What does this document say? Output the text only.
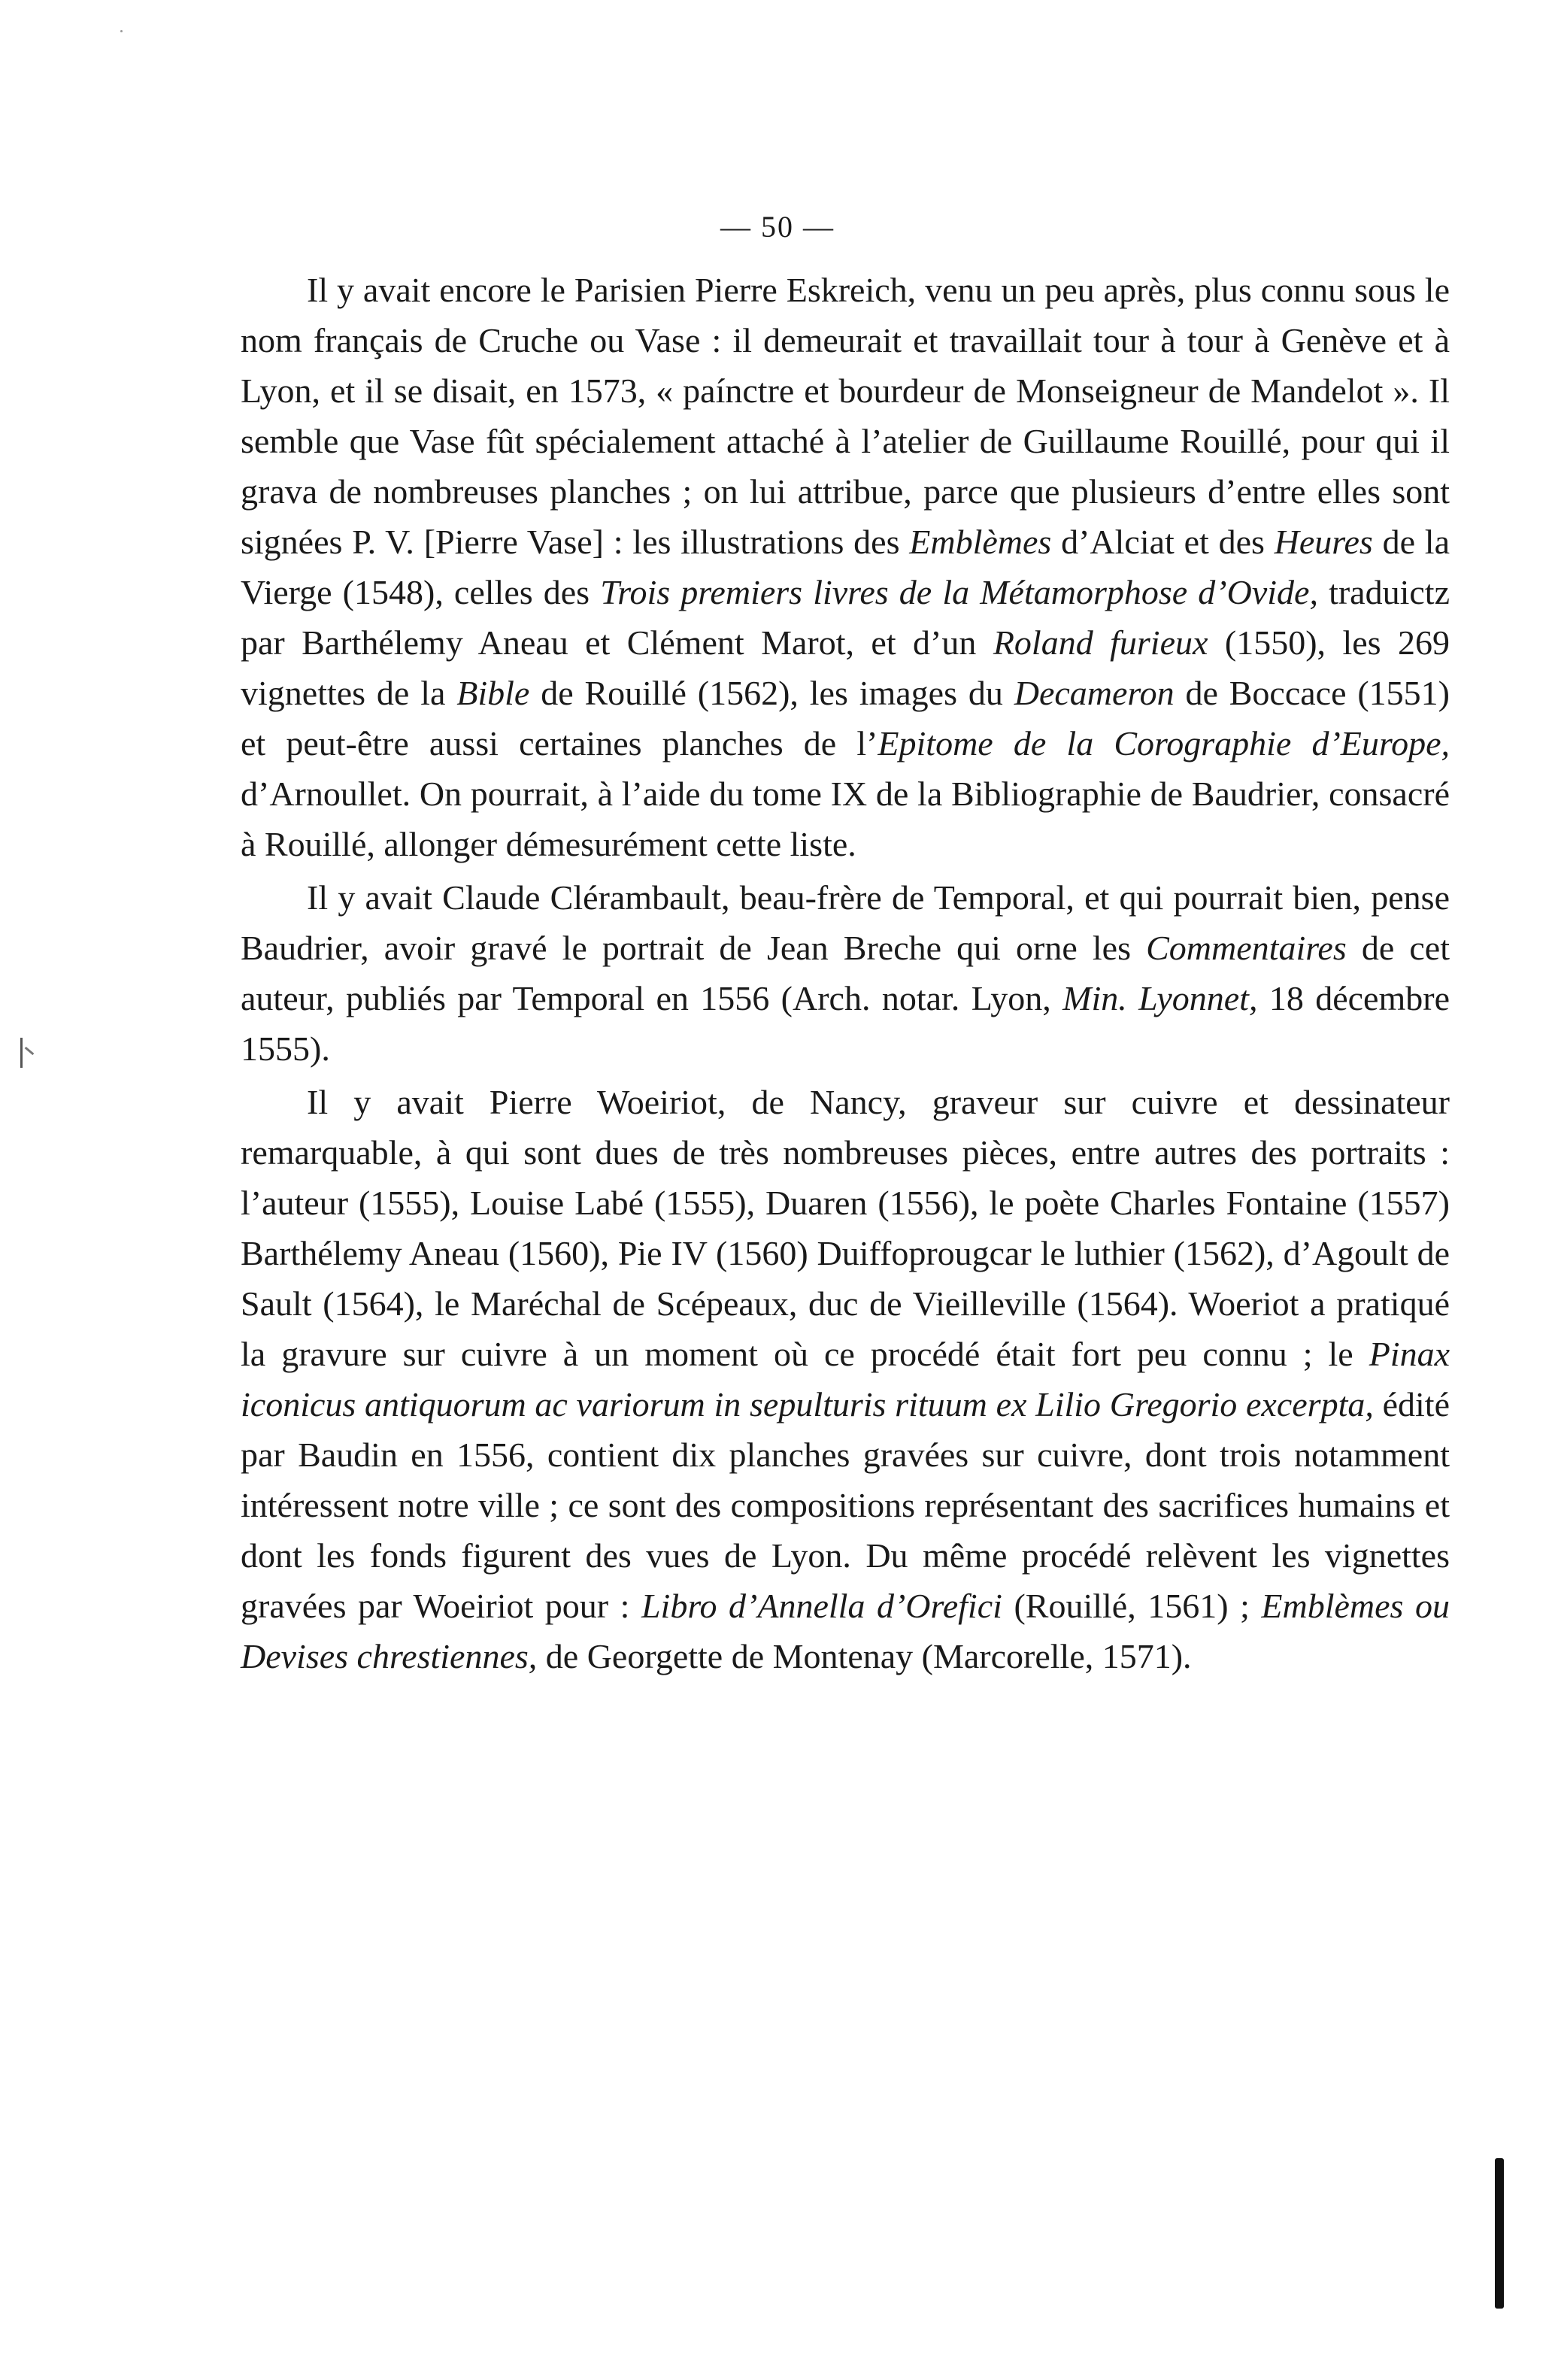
— 50 —

Il y avait encore le Parisien Pierre Eskreich, venu un peu après, plus connu sous le nom français de Cruche ou Vase : il demeurait et travaillait tour à tour à Genève et à Lyon, et il se disait, en 1573, « paínctre et bourdeur de Monseigneur de Mandelot ». Il semble que Vase fût spécialement attaché à l’atelier de Guillaume Rouillé, pour qui il grava de nombreuses planches ; on lui attribue, parce que plusieurs d’entre elles sont signées P. V. [Pierre Vase] : les illustrations des Emblèmes d’Alciat et des Heures de la Vierge (1548), celles des Trois premiers livres de la Métamorphose d’Ovide, traduictz par Barthélemy Aneau et Clément Marot, et d’un Roland furieux (1550), les 269 vignettes de la Bible de Rouillé (1562), les images du Decameron de Boccace (1551) et peut-être aussi certaines planches de l’Epitome de la Corographie d’Europe, d’Arnoullet. On pourrait, à l’aide du tome IX de la Bibliographie de Baudrier, consacré à Rouillé, allonger démesurément cette liste.

Il y avait Claude Clérambault, beau-frère de Temporal, et qui pourrait bien, pense Baudrier, avoir gravé le portrait de Jean Breche qui orne les Commentaires de cet auteur, publiés par Temporal en 1556 (Arch. notar. Lyon, Min. Lyonnet, 18 décembre 1555).

Il y avait Pierre Woeiriot, de Nancy, graveur sur cuivre et dessinateur remarquable, à qui sont dues de très nombreuses pièces, entre autres des portraits : l’auteur (1555), Louise Labé (1555), Duaren (1556), le poète Charles Fontaine (1557) Barthélemy Aneau (1560), Pie IV (1560) Duiffoprougcar le luthier (1562), d’Agoult de Sault (1564), le Maréchal de Scépeaux, duc de Vieilleville (1564). Woeriot a pratiqué la gravure sur cuivre à un moment où ce procédé était fort peu connu ; le Pinax iconicus antiquorum ac variorum in sepulturis rituum ex Lilio Gregorio excerpta, édité par Baudin en 1556, contient dix planches gravées sur cuivre, dont trois notamment intéressent notre ville ; ce sont des compositions représentant des sacrifices humains et dont les fonds figurent des vues de Lyon. Du même procédé relèvent les vignettes gravées par Woeiriot pour : Libro d’Annella d’Orefici (Rouillé, 1561) ; Emblèmes ou Devises chrestiennes, de Georgette de Montenay (Marcorelle, 1571).
